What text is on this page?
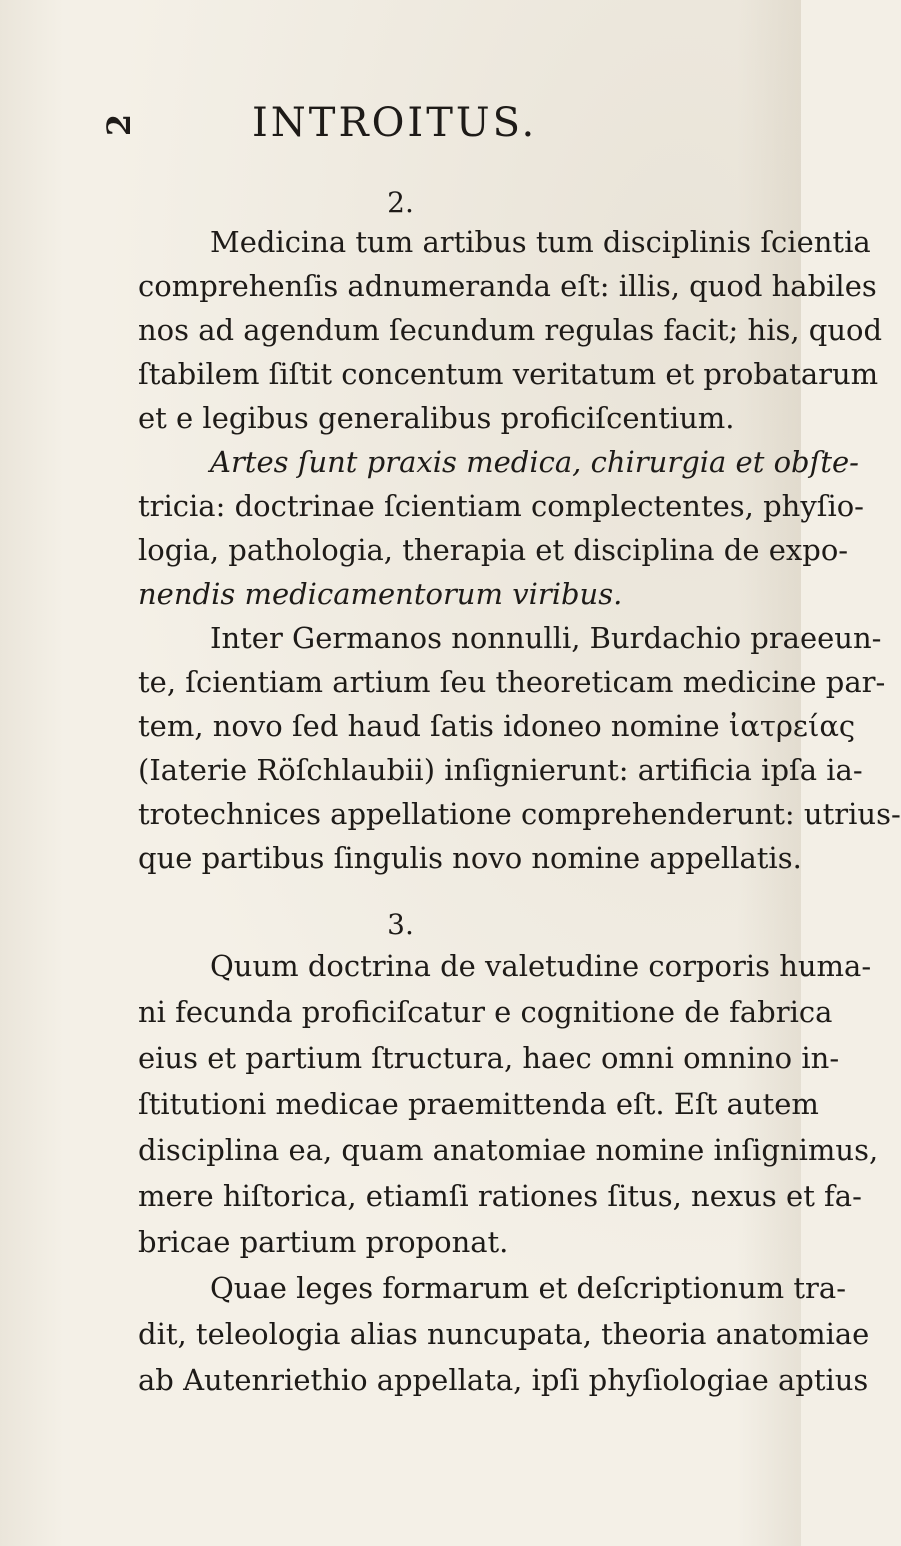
2	INTROITUS.
2.
Medicina tum artibus tum disciplinis ſcientia
comprehenſis adnumeranda eſt: illis, quod habiles
nos ad agendum ſecundum regulas facit; his, quod
ſtabilem ſiſtit concentum veritatum et probatarum
et e legibus generalibus proficiſcentium.
Artes ſunt praxis medica, chirurgia et obſte-
tricia: doctrinae ſcientiam complectentes, phyſio-
logia, pathologia, therapia et disciplina de expo-
nendis medicamentorum viribus.
Inter Germanos nonnulli, Burdachio praeeun-
te, ſcientiam artium ſeu theoreticam medicine par-
tem, novo ſed haud ſatis idoneo nomine ἰατρείας
(Iaterie Röſchlaubii) inſignierunt: artificia ipſa ia-
trotechnices appellatione comprehenderunt: utrius-
que partibus ſingulis novo nomine appellatis.
3.
Quum doctrina de valetudine corporis huma-
ni fecunda proficiſcatur e cognitione de fabrica
eius et partium ſtructura, haec omni omnino in-
ſtitutioni medicae praemittenda eſt. Eſt autem
disciplina ea, quam anatomiae nomine inſignimus,
mere hiſtorica, etiamſi rationes ſitus, nexus et fa-
bricae partium proponat.
Quae leges formarum et deſcriptionum tra-
dit, teleologia alias nuncupata, theoria anatomiae
ab Autenriethio appellata, ipſi phyſiologiae aptius
